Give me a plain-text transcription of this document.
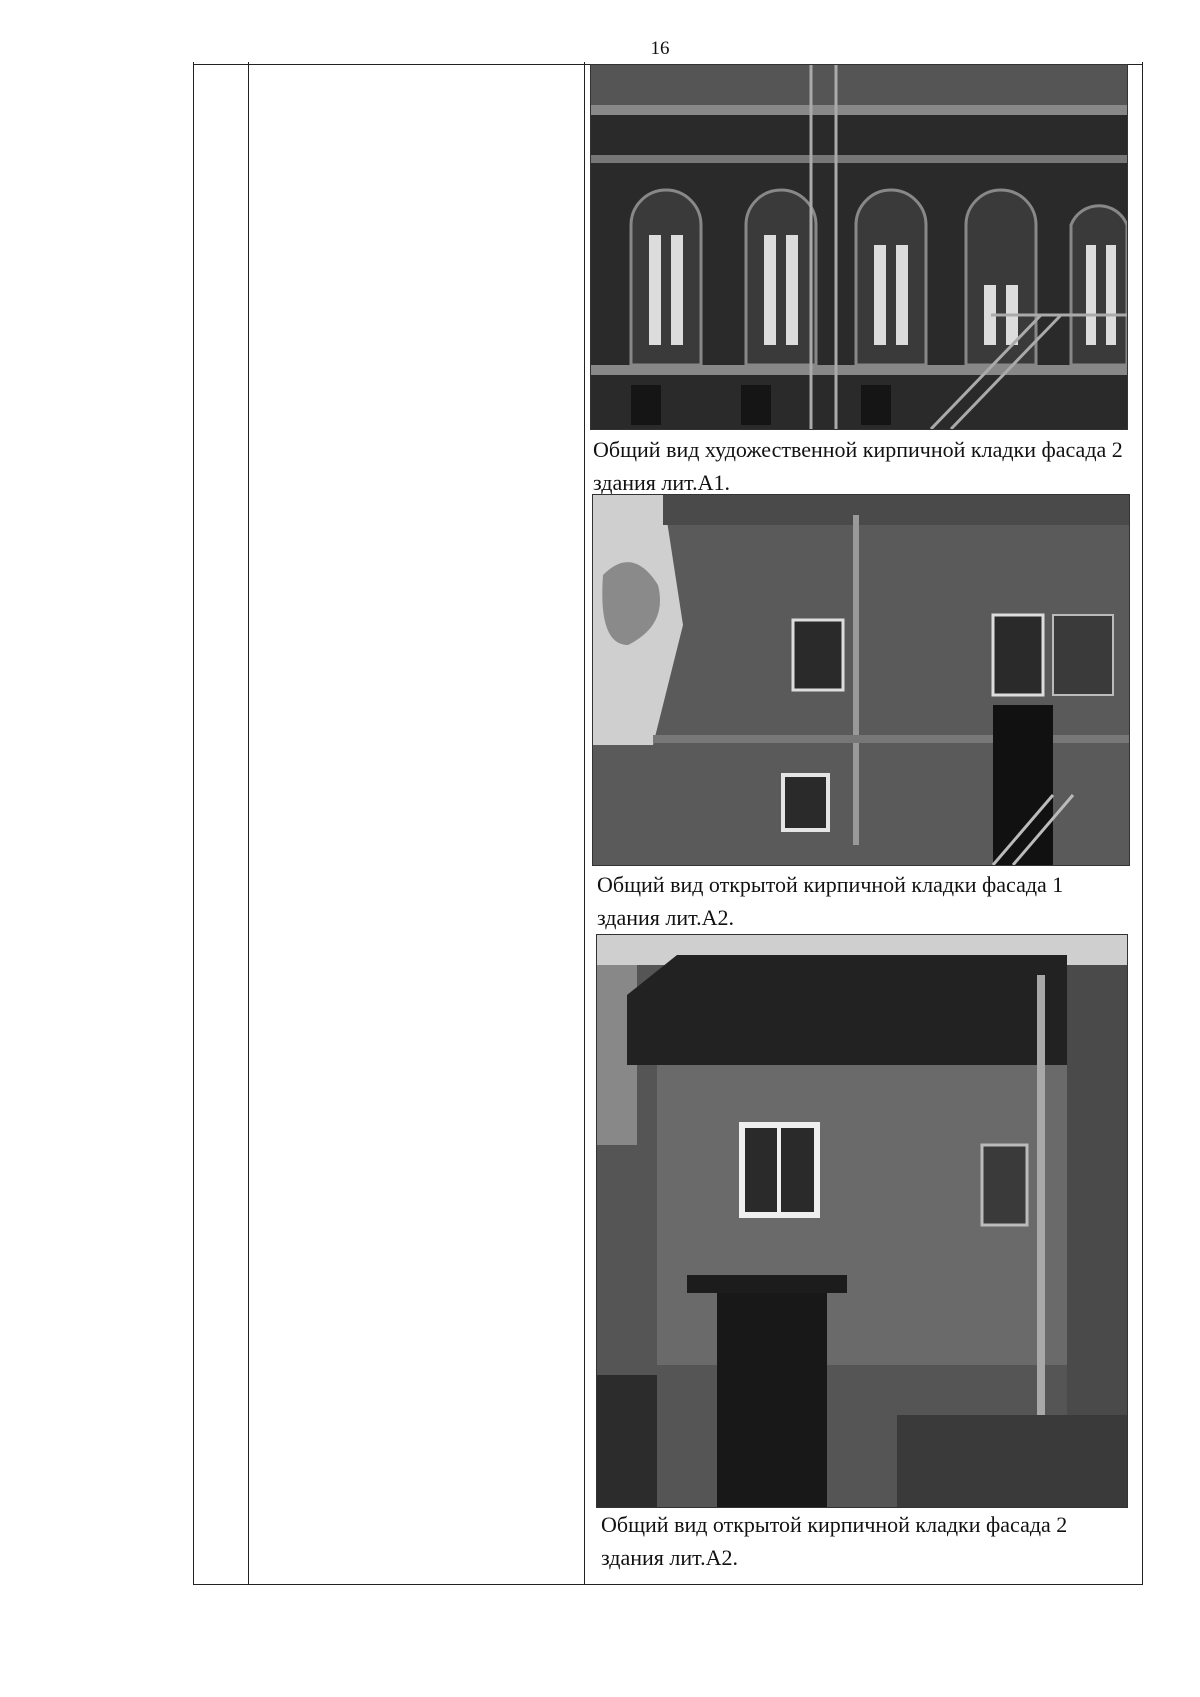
16
Общий вид художественной кирпичной кладки фасада 2 здания лит.А1.
Общий вид открытой кирпичной кладки фасада 1 здания лит.А2.
Общий вид открытой кирпичной кладки фасада 2 здания лит.А2.
